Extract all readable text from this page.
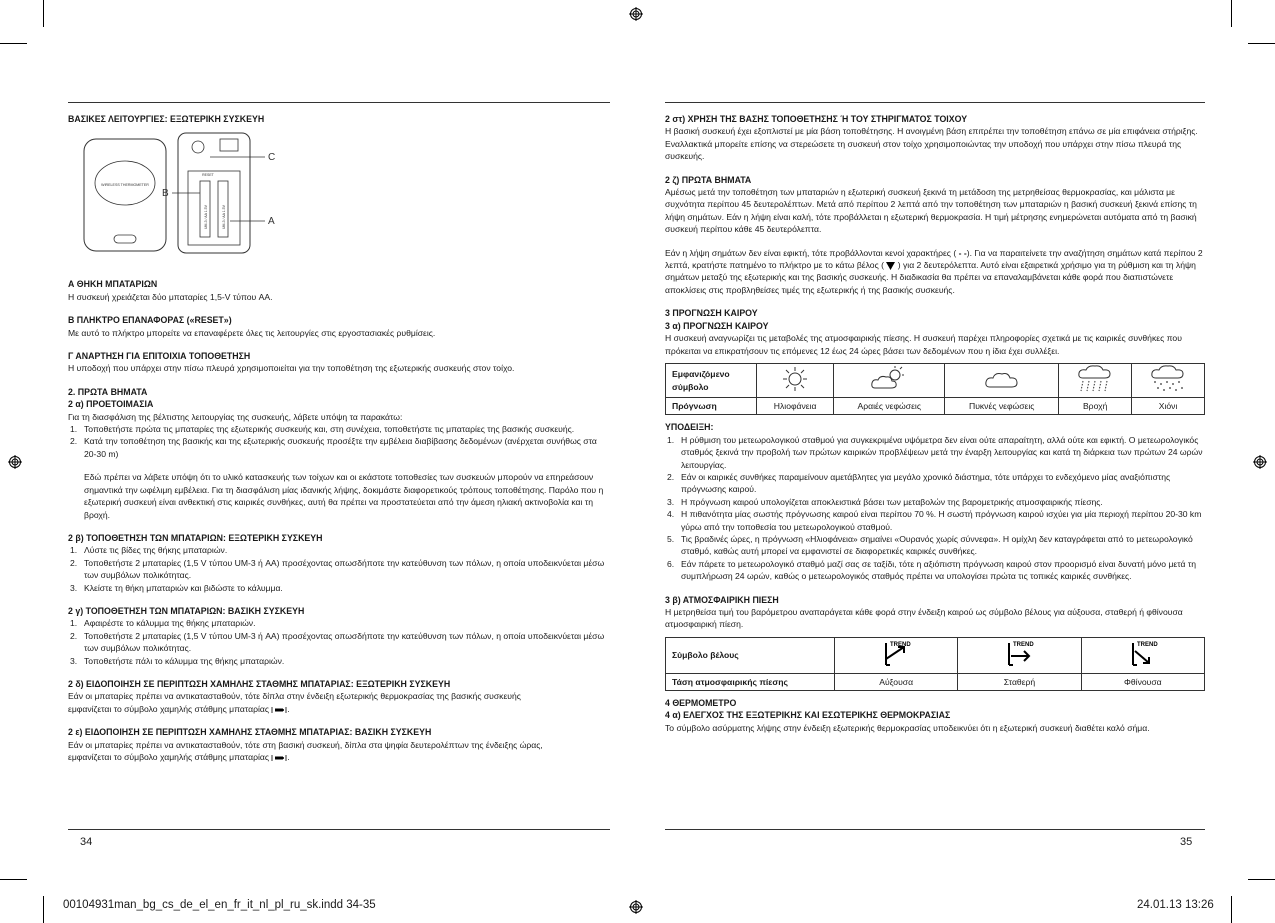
ΒΑΣΙΚΕΣ ΛΕΙΤΟΥΡΓΙΕΣ: ΕΞΩΤΕΡΙΚΗ ΣΥΣΚΕΥΗ

WIRELESS THERMOMETER
RESET
UM-3 / AA 1.5V	UM-3 / AA 1.5V
C
B
A

Α ΘΗΚΗ ΜΠΑΤΑΡΙΩΝ

Η συσκευή χρειάζεται δύο μπαταρίες 1,5-V τύπου AA.

Β ΠΛΗΚΤΡΟ ΕΠΑΝΑΦΟΡΑΣ («RESET»)

Με αυτό το πλήκτρο μπορείτε να επαναφέρετε όλες τις λειτουργίες στις εργοστασιακές ρυθμίσεις.

Γ ΑΝΑΡΤΗΣΗ ΓΙΑ ΕΠΙΤΟΙΧΙΑ ΤΟΠΟΘΕΤΗΣΗ

Η υποδοχή που υπάρχει στην πίσω πλευρά χρησιμοποιείται για την τοποθέτηση της εξωτερικής συσκευής στον τοίχο.

2. ΠΡΩΤΑ ΒΗΜΑΤΑ

2 α) ΠΡΟΕΤΟΙΜΑΣΙΑ

Για τη διασφάλιση της βέλτιστης λειτουργίας της συσκευής, λάβετε υπόψη τα παρακάτω:

1. Τοποθετήστε πρώτα τις μπαταρίες της εξωτερικής συσκευής και, στη συνέχεια, τοποθετήστε τις μπαταρίες της βασικής συσκευής.
2. Κατά την τοποθέτηση της βασικής και της εξωτερικής συσκευής προσέξτε την εμβέλεια διαβίβασης δεδομένων (ανέρχεται συνήθως στα 20-30 m)

Εδώ πρέπει να λάβετε υπόψη ότι το υλικό κατασκευής των τοίχων και οι εκάστοτε τοποθεσίες των συσκευών μπορούν να επηρεάσουν σημαντικά την ωφέλιμη εμβέλεια. Για τη διασφάλιση μίας ιδανικής λήψης, δοκιμάστε διαφορετικούς τρόπους τοποθέτησης. Παρόλο που η εξωτερική συσκευή είναι ανθεκτική στις καιρικές συνθήκες, αυτή θα πρέπει να προστατεύεται από την άμεση ηλιακή ακτινοβολία και τη βροχή.

2 β) ΤΟΠΟΘΕΤΗΣΗ ΤΩΝ ΜΠΑΤΑΡΙΩΝ: ΕΞΩΤΕΡΙΚΗ ΣΥΣΚΕΥΗ

1. Λύστε τις βίδες της θήκης μπαταριών.
2. Τοποθετήστε 2 μπαταρίες (1,5 V τύπου UM-3 ή AA) προσέχοντας οπωσδήποτε την κατεύθυνση των πόλων, η οποία υποδεικνύεται μέσω των συμβόλων πολικότητας.
3. Κλείστε τη θήκη μπαταριών και βιδώστε το κάλυμμα.

2 γ) ΤΟΠΟΘΕΤΗΣΗ ΤΩΝ ΜΠΑΤΑΡΙΩΝ: ΒΑΣΙΚΗ ΣΥΣΚΕΥΗ

1. Αφαιρέστε το κάλυμμα της θήκης μπαταριών.
2. Τοποθετήστε 2 μπαταρίες (1,5 V τύπου UM-3 ή AA) προσέχοντας οπωσδήποτε την κατεύθυνση των πόλων, η οποία υποδεικνύεται μέσω των συμβόλων πολικότητας.
3. Τοποθετήστε πάλι το κάλυμμα της θήκης μπαταριών.

2 δ) ΕΙΔΟΠΟΙΗΣΗ ΣΕ ΠΕΡΙΠΤΩΣΗ ΧΑΜΗΛΗΣ ΣΤΑΘΜΗΣ ΜΠΑΤΑΡΙΑΣ: ΕΞΩΤΕΡΙΚΗ ΣΥΣΚΕΥΗ

Εάν οι μπαταρίες πρέπει να αντικατασταθούν, τότε δίπλα στην ένδειξη εξωτερικής θερμοκρασίας της βασικής συσκευής
εμφανίζεται το σύμβολο χαμηλής στάθμης μπαταρίας .

2 ε) ΕΙΔΟΠΟΙΗΣΗ ΣΕ ΠΕΡΙΠΤΩΣΗ ΧΑΜΗΛΗΣ ΣΤΑΘΜΗΣ ΜΠΑΤΑΡΙΑΣ: ΒΑΣΙΚΗ ΣΥΣΚΕΥΗ

Εάν οι μπαταρίες πρέπει να αντικατασταθούν, τότε στη βασική συσκευή, δίπλα στα ψηφία δευτερολέπτων της ένδειξης ώρας,
εμφανίζεται το σύμβολο χαμηλής στάθμης μπαταρίας .

34

2 στ) ΧΡΗΣΗ ΤΗΣ ΒΑΣΗΣ ΤΟΠΟΘΕΤΗΣΗΣ Ή ΤΟΥ ΣΤΗΡΙΓΜΑΤΟΣ ΤΟΙΧΟΥ

Η βασική συσκευή έχει εξοπλιστεί με μία βάση τοποθέτησης. Η ανοιγμένη βάση επιτρέπει την τοποθέτηση επάνω σε μία επιφάνεια στήριξης. Εναλλακτικά μπορείτε επίσης να στερεώσετε τη συσκευή στον τοίχο χρησιμοποιώντας την υποδοχή που υπάρχει στην πίσω πλευρά της συσκευής.

2 ζ) ΠΡΩΤΑ ΒΗΜΑΤΑ

Αμέσως μετά την τοποθέτηση των μπαταριών η εξωτερική συσκευή ξεκινά τη μετάδοση της μετρηθείσας θερμοκρασίας, και μάλιστα με συχνότητα περίπου 45 δευτερολέπτων. Μετά από περίπου 2 λεπτά από την τοποθέτηση των μπαταριών η βασική συσκευή ξεκινά επίσης τη λήψη σημάτων. Εάν η λήψη είναι καλή, τότε προβάλλεται η εξωτερική θερμοκρασία. Η τιμή μέτρησης ενημερώνεται αυτόματα από τη βασική συσκευή περίπου κάθε 45 δευτερόλεπτα.

Εάν η λήψη σημάτων δεν είναι εφικτή, τότε προβάλλονται κενοί χαρακτήρες ( - -). Για να παραιτείνετε την αναζήτηση σημάτων κατά περίπου 2 λεπτά, κρατήστε πατημένο το πλήκτρο με το κάτω βέλος ( ) για 2 δευτερόλεπτα. Αυτό είναι εξαιρετικά χρήσιμο για τη ρύθμιση και τη λήψη σημάτων μεταξύ της εξωτερικής και της βασικής συσκευής. Η διαδικασία θα πρέπει να επαναλαμβάνεται κάθε φορά που διαπιστώνετε αποκλίσεις στις προβληθείσες τιμές της εξωτερικής ή της βασικής συσκευής.

3 ΠΡΟΓΝΩΣΗ ΚΑΙΡΟΥ

3 α) ΠΡΟΓΝΩΣΗ ΚΑΙΡΟΥ

Η συσκευή αναγνωρίζει τις μεταβολές της ατμοσφαιρικής πίεσης. Η συσκευή παρέχει πληροφορίες σχετικά με τις καιρικές συνθήκες που πρόκειται να επικρατήσουν τις επόμενες 12 έως 24 ώρες βάσει των δεδομένων που η ίδια έχει συλλέξει.

Εμφανιζόμενο σύμβολο					
Πρόγνωση	Ηλιοφάνεια	Αραιές νεφώσεις	Πυκνές νεφώσεις	Βροχή	Χιόνι

ΥΠΟΔΕΙΞΗ:

1. Η ρύθμιση του μετεωρολογικού σταθμού για συγκεκριμένα υψόμετρα δεν είναι ούτε απαραίτητη, αλλά ούτε και εφικτή. Ο μετεωρολογικός σταθμός ξεκινά την προβολή των πρώτων καιρικών προβλέψεων μετά την έναρξη λειτουργίας και κατά τη διάρκεια των πρώτων 24 ωρών λειτουργίας.
2. Εάν οι καιρικές συνθήκες παραμείνουν αμετάβλητες για μεγάλο χρονικό διάστημα, τότε υπάρχει το ενδεχόμενο μίας αναξιόπιστης πρόγνωσης καιρού.
3. Η πρόγνωση καιρού υπολογίζεται αποκλειστικά βάσει των μεταβολών της βαρομετρικής ατμοσφαιρικής πίεσης.
4. Η πιθανότητα μίας σωστής πρόγνωσης καιρού είναι περίπου 70 %. Η σωστή πρόγνωση καιρού ισχύει για μία περιοχή περίπου 20-30 km γύρω από την τοποθεσία του μετεωρολογικού σταθμού.
5. Τις βραδινές ώρες, η πρόγνωση «Ηλιοφάνεια» σημαίνει «Ουρανός χωρίς σύννεφα». Η ομίχλη δεν καταγράφεται από το μετεωρολογικό σταθμό, καθώς αυτή μπορεί να εμφανιστεί σε διαφορετικές καιρικές συνθήκες.
6. Εάν πάρετε το μετεωρολογικό σταθμό μαζί σας σε ταξίδι, τότε η αξιόπιστη πρόγνωση καιρού στον προορισμό είναι δυνατή μόνο μετά τη συμπλήρωση 24 ωρών, καθώς ο μετεωρολογικός σταθμός πρέπει να υπολογίσει πρώτα τις τοπικές καιρικές συνθήκες.

3 β) ΑΤΜΟΣΦΑΙΡΙΚΗ ΠΙΕΣΗ

Η μετρηθείσα τιμή του βαρόμετρου αναπαράγεται κάθε φορά στην ένδειξη καιρού ως σύμβολο βέλους για αύξουσα, σταθερή ή φθίνουσα ατμοσφαιρική πίεση.

Σύμβολο βέλους	TREND	TREND	TREND

Τάση ατμοσφαιρικής πίεσης	Αύξουσα	Σταθερή	Φθίνουσα

4 ΘΕΡΜΟΜΕΤΡΟ

4 α) ΕΛΕΓΧΟΣ ΤΗΣ ΕΞΩΤΕΡΙΚΗΣ ΚΑΙ ΕΣΩΤΕΡΙΚΗΣ ΘΕΡΜΟΚΡΑΣΙΑΣ

Το σύμβολο ασύρματης λήψης στην ένδειξη εξωτερικής θερμοκρασίας υποδεικνύει ότι η εξωτερική συσκευή διαθέτει καλό σήμα.

35
00104931man_bg_cs_de_el_en_fr_it_nl_pl_ru_sk.indd 34-35	24.01.13 13:26
